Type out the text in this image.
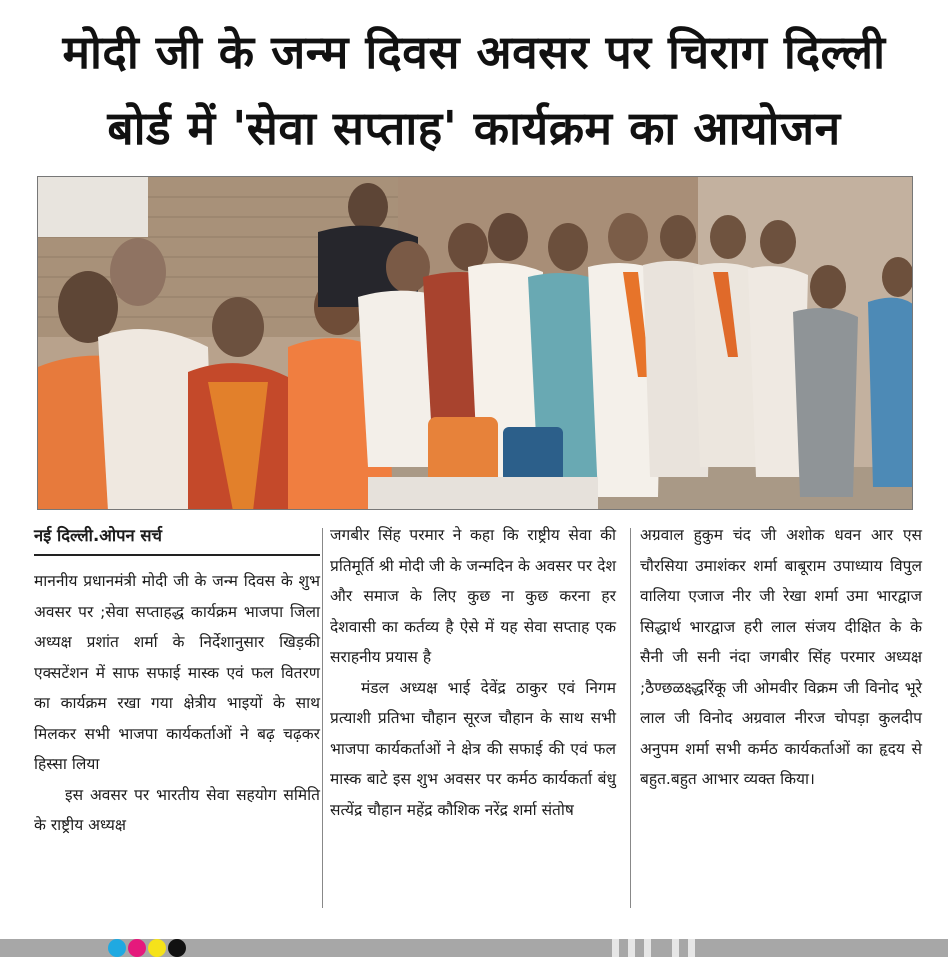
मोदी जी के जन्म दिवस अवसर पर चिराग दिल्ली
बोर्ड में 'सेवा सप्ताह' कार्यक्रम का आयोजन
नई दिल्ली.ओपन सर्च

माननीय प्रधानमंत्री मोदी जी के जन्म दिवस के शुभ अवसर पर ;सेवा सप्ताहद्ध कार्यक्रम भाजपा जिला अध्यक्ष प्रशांत शर्मा के निर्देशानुसार खिड़की एक्सटेंशन में साफ सफाई मास्क एवं फल वितरण का कार्यक्रम रखा गया क्षेत्रीय भाइयों के साथ मिलकर सभी भाजपा कार्यकर्ताओं ने बढ़ चढ़कर हिस्सा लिया

इस अवसर पर भारतीय सेवा सहयोग समिति के राष्ट्रीय अध्यक्ष

जगबीर सिंह परमार ने कहा कि राष्ट्रीय सेवा की प्रतिमूर्ति श्री मोदी जी के जन्मदिन के अवसर पर देश और समाज के लिए कुछ ना कुछ करना हर देशवासी का कर्तव्य है ऐसे में यह सेवा सप्ताह एक सराहनीय प्रयास है

मंडल अध्यक्ष भाई देवेंद्र ठाकुर एवं निगम प्रत्याशी प्रतिभा चौहान सूरज चौहान के साथ सभी भाजपा कार्यकर्ताओं ने क्षेत्र की सफाई की एवं फल मास्क बाटे इस शुभ अवसर पर कर्मठ कार्यकर्ता बंधु सत्येंद्र चौहान महेंद्र कौशिक नरेंद्र शर्मा संतोष

अग्रवाल हुकुम चंद जी अशोक धवन आर एस चौरसिया उमाशंकर शर्मा बाबूराम उपाध्याय विपुल वालिया एजाज नीर जी रेखा शर्मा उमा भारद्वाज सिद्धार्थ भारद्वाज हरी लाल संजय दीक्षित के के सैनी जी सनी नंदा जगबीर सिंह परमार अध्यक्ष ;ठैण्छळक्ष्द्धरिंकू जी ओमवीर विक्रम जी विनोद भूरे लाल जी विनोद अग्रवाल नीरज चोपड़ा कुलदीप अनुपम शर्मा सभी कर्मठ कार्यकर्ताओं का हृदय से बहुत.बहुत आभार व्यक्त किया।
